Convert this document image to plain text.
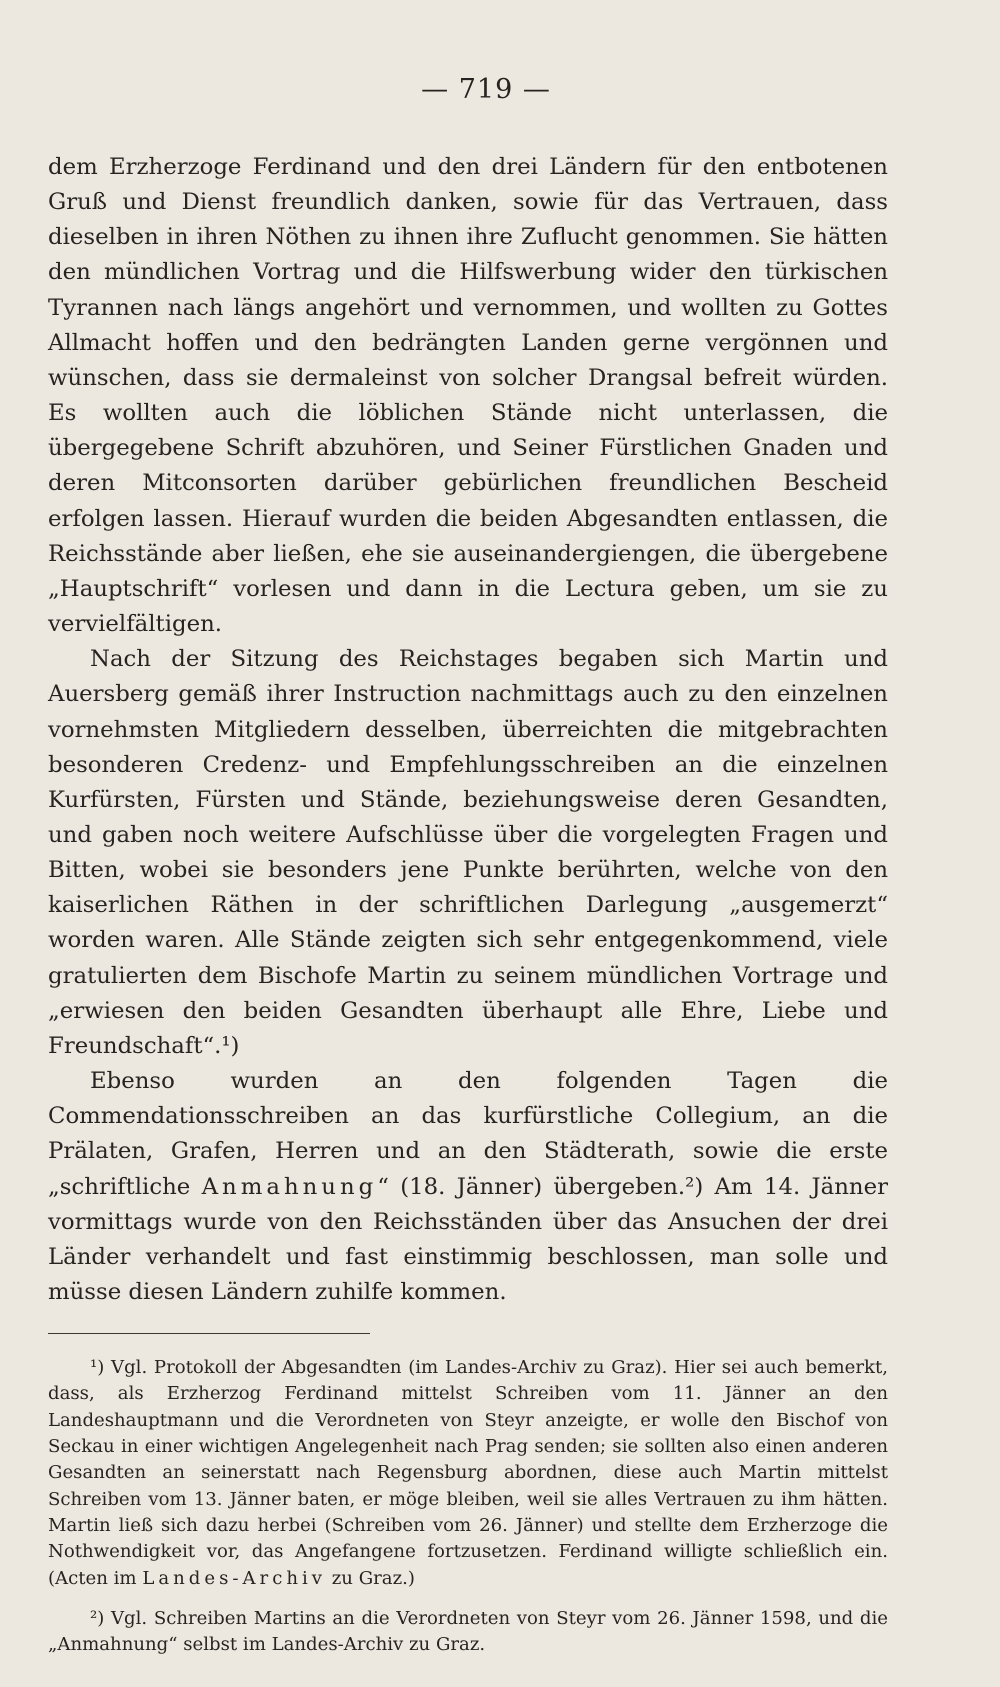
— 719 —

dem Erzherzoge Ferdinand und den drei Ländern für den entbotenen Gruß und Dienst freundlich danken, sowie für das Vertrauen, dass dieselben in ihren Nöthen zu ihnen ihre Zuflucht genommen. Sie hätten den mündlichen Vortrag und die Hilfswerbung wider den türkischen Tyrannen nach längs angehört und vernommen, und wollten zu Gottes Allmacht hoffen und den bedrängten Landen gerne vergönnen und wünschen, dass sie dermaleinst von solcher Drangsal befreit würden. Es wollten auch die löblichen Stände nicht unterlassen, die übergegebene Schrift abzuhören, und Seiner Fürstlichen Gnaden und deren Mitconsorten darüber gebürlichen freundlichen Bescheid erfolgen lassen. Hierauf wurden die beiden Abgesandten entlassen, die Reichsstände aber ließen, ehe sie auseinandergiengen, die übergebene „Hauptschrift“ vorlesen und dann in die Lectura geben, um sie zu vervielfältigen.

Nach der Sitzung des Reichstages begaben sich Martin und Auersberg gemäß ihrer Instruction nachmittags auch zu den einzelnen vornehmsten Mitgliedern desselben, überreichten die mitgebrachten besonderen Credenz- und Empfehlungsschreiben an die einzelnen Kurfürsten, Fürsten und Stände, beziehungsweise deren Gesandten, und gaben noch weitere Aufschlüsse über die vorgelegten Fragen und Bitten, wobei sie besonders jene Punkte berührten, welche von den kaiserlichen Räthen in der schriftlichen Darlegung „ausgemerzt“ worden waren. Alle Stände zeigten sich sehr entgegenkommend, viele gratulierten dem Bischofe Martin zu seinem mündlichen Vortrage und „erwiesen den beiden Gesandten überhaupt alle Ehre, Liebe und Freundschaft“.¹)

Ebenso wurden an den folgenden Tagen die Commendationsschreiben an das kurfürstliche Collegium, an die Prälaten, Grafen, Herren und an den Städterath, sowie die erste „schriftliche Anmahnung“ (18. Jänner) übergeben.²) Am 14. Jänner vormittags wurde von den Reichsständen über das Ansuchen der drei Länder verhandelt und fast einstimmig beschlossen, man solle und müsse diesen Ländern zuhilfe kommen.

¹) Vgl. Protokoll der Abgesandten (im Landes-Archiv zu Graz). Hier sei auch bemerkt, dass, als Erzherzog Ferdinand mittelst Schreiben vom 11. Jänner an den Landeshauptmann und die Verordneten von Steyr anzeigte, er wolle den Bischof von Seckau in einer wichtigen Angelegenheit nach Prag senden; sie sollten also einen anderen Gesandten an seinerstatt nach Regensburg abordnen, diese auch Martin mittelst Schreiben vom 13. Jänner baten, er möge bleiben, weil sie alles Vertrauen zu ihm hätten. Martin ließ sich dazu herbei (Schreiben vom 26. Jänner) und stellte dem Erzherzoge die Nothwendigkeit vor, das Angefangene fortzusetzen. Ferdinand willigte schließlich ein. (Acten im Landes-Archiv zu Graz.)

²) Vgl. Schreiben Martins an die Verordneten von Steyr vom 26. Jänner 1598, und die „Anmahnung“ selbst im Landes-Archiv zu Graz.
